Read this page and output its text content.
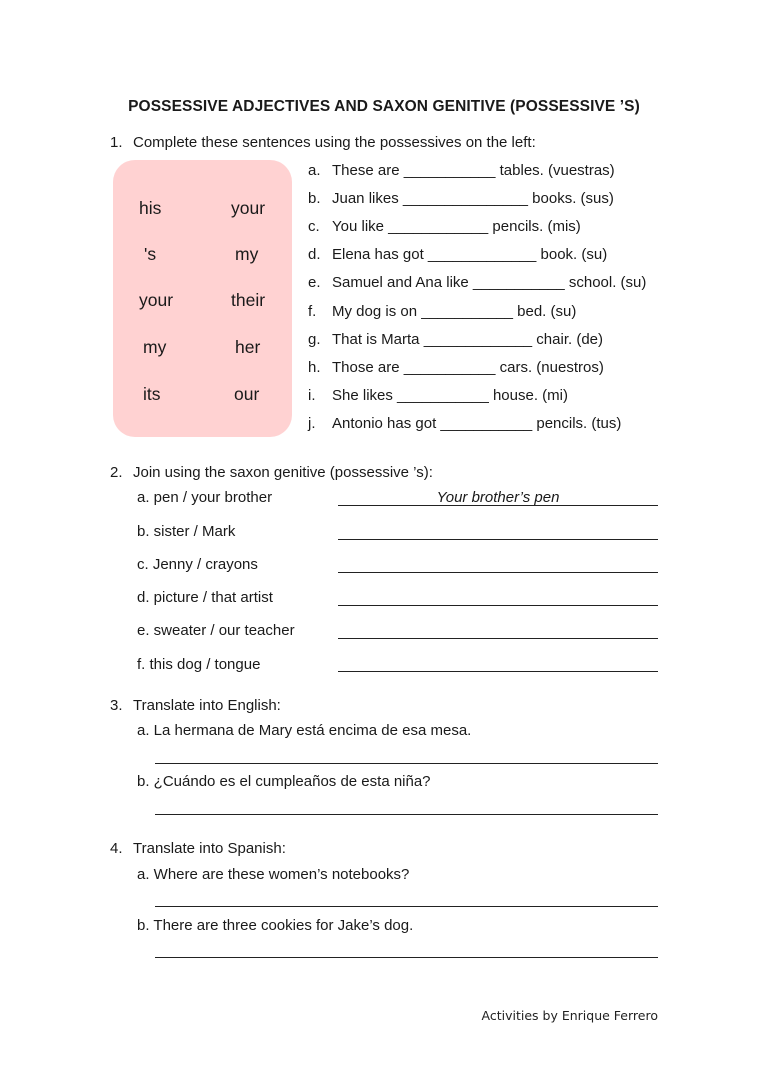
POSSESSIVE ADJECTIVES AND SAXON GENITIVE (POSSESSIVE ’S)
1. Complete these sentences using the possessives on the left:
his
's
your
my
its
your
my
their
her
our
a. These are ___________ tables. (vuestras)
b. Juan likes _______________ books. (sus)
c. You like ____________ pencils. (mis)
d. Elena has got _____________ book. (su)
e. Samuel and Ana like ___________ school. (su)
f. My dog is on ___________ bed. (su)
g. That is Marta _____________ chair. (de)
h. Those are ___________ cars. (nuestros)
i. She likes ___________ house. (mi)
j. Antonio has got ___________ pencils. (tus)
2. Join using the saxon genitive (possessive ’s):
a. pen / your brother	Your brother’s pen
b. sister / Mark
c. Jenny / crayons
d. picture / that artist
e. sweater / our teacher
f. this dog / tongue
3. Translate into English:
a. La hermana de Mary está encima de esa mesa.
b. ¿Cuándo es el cumpleaños de esta niña?
4. Translate into Spanish:
a. Where are these women’s notebooks?
b. There are three cookies for Jake’s dog.
Activities by Enrique Ferrero
